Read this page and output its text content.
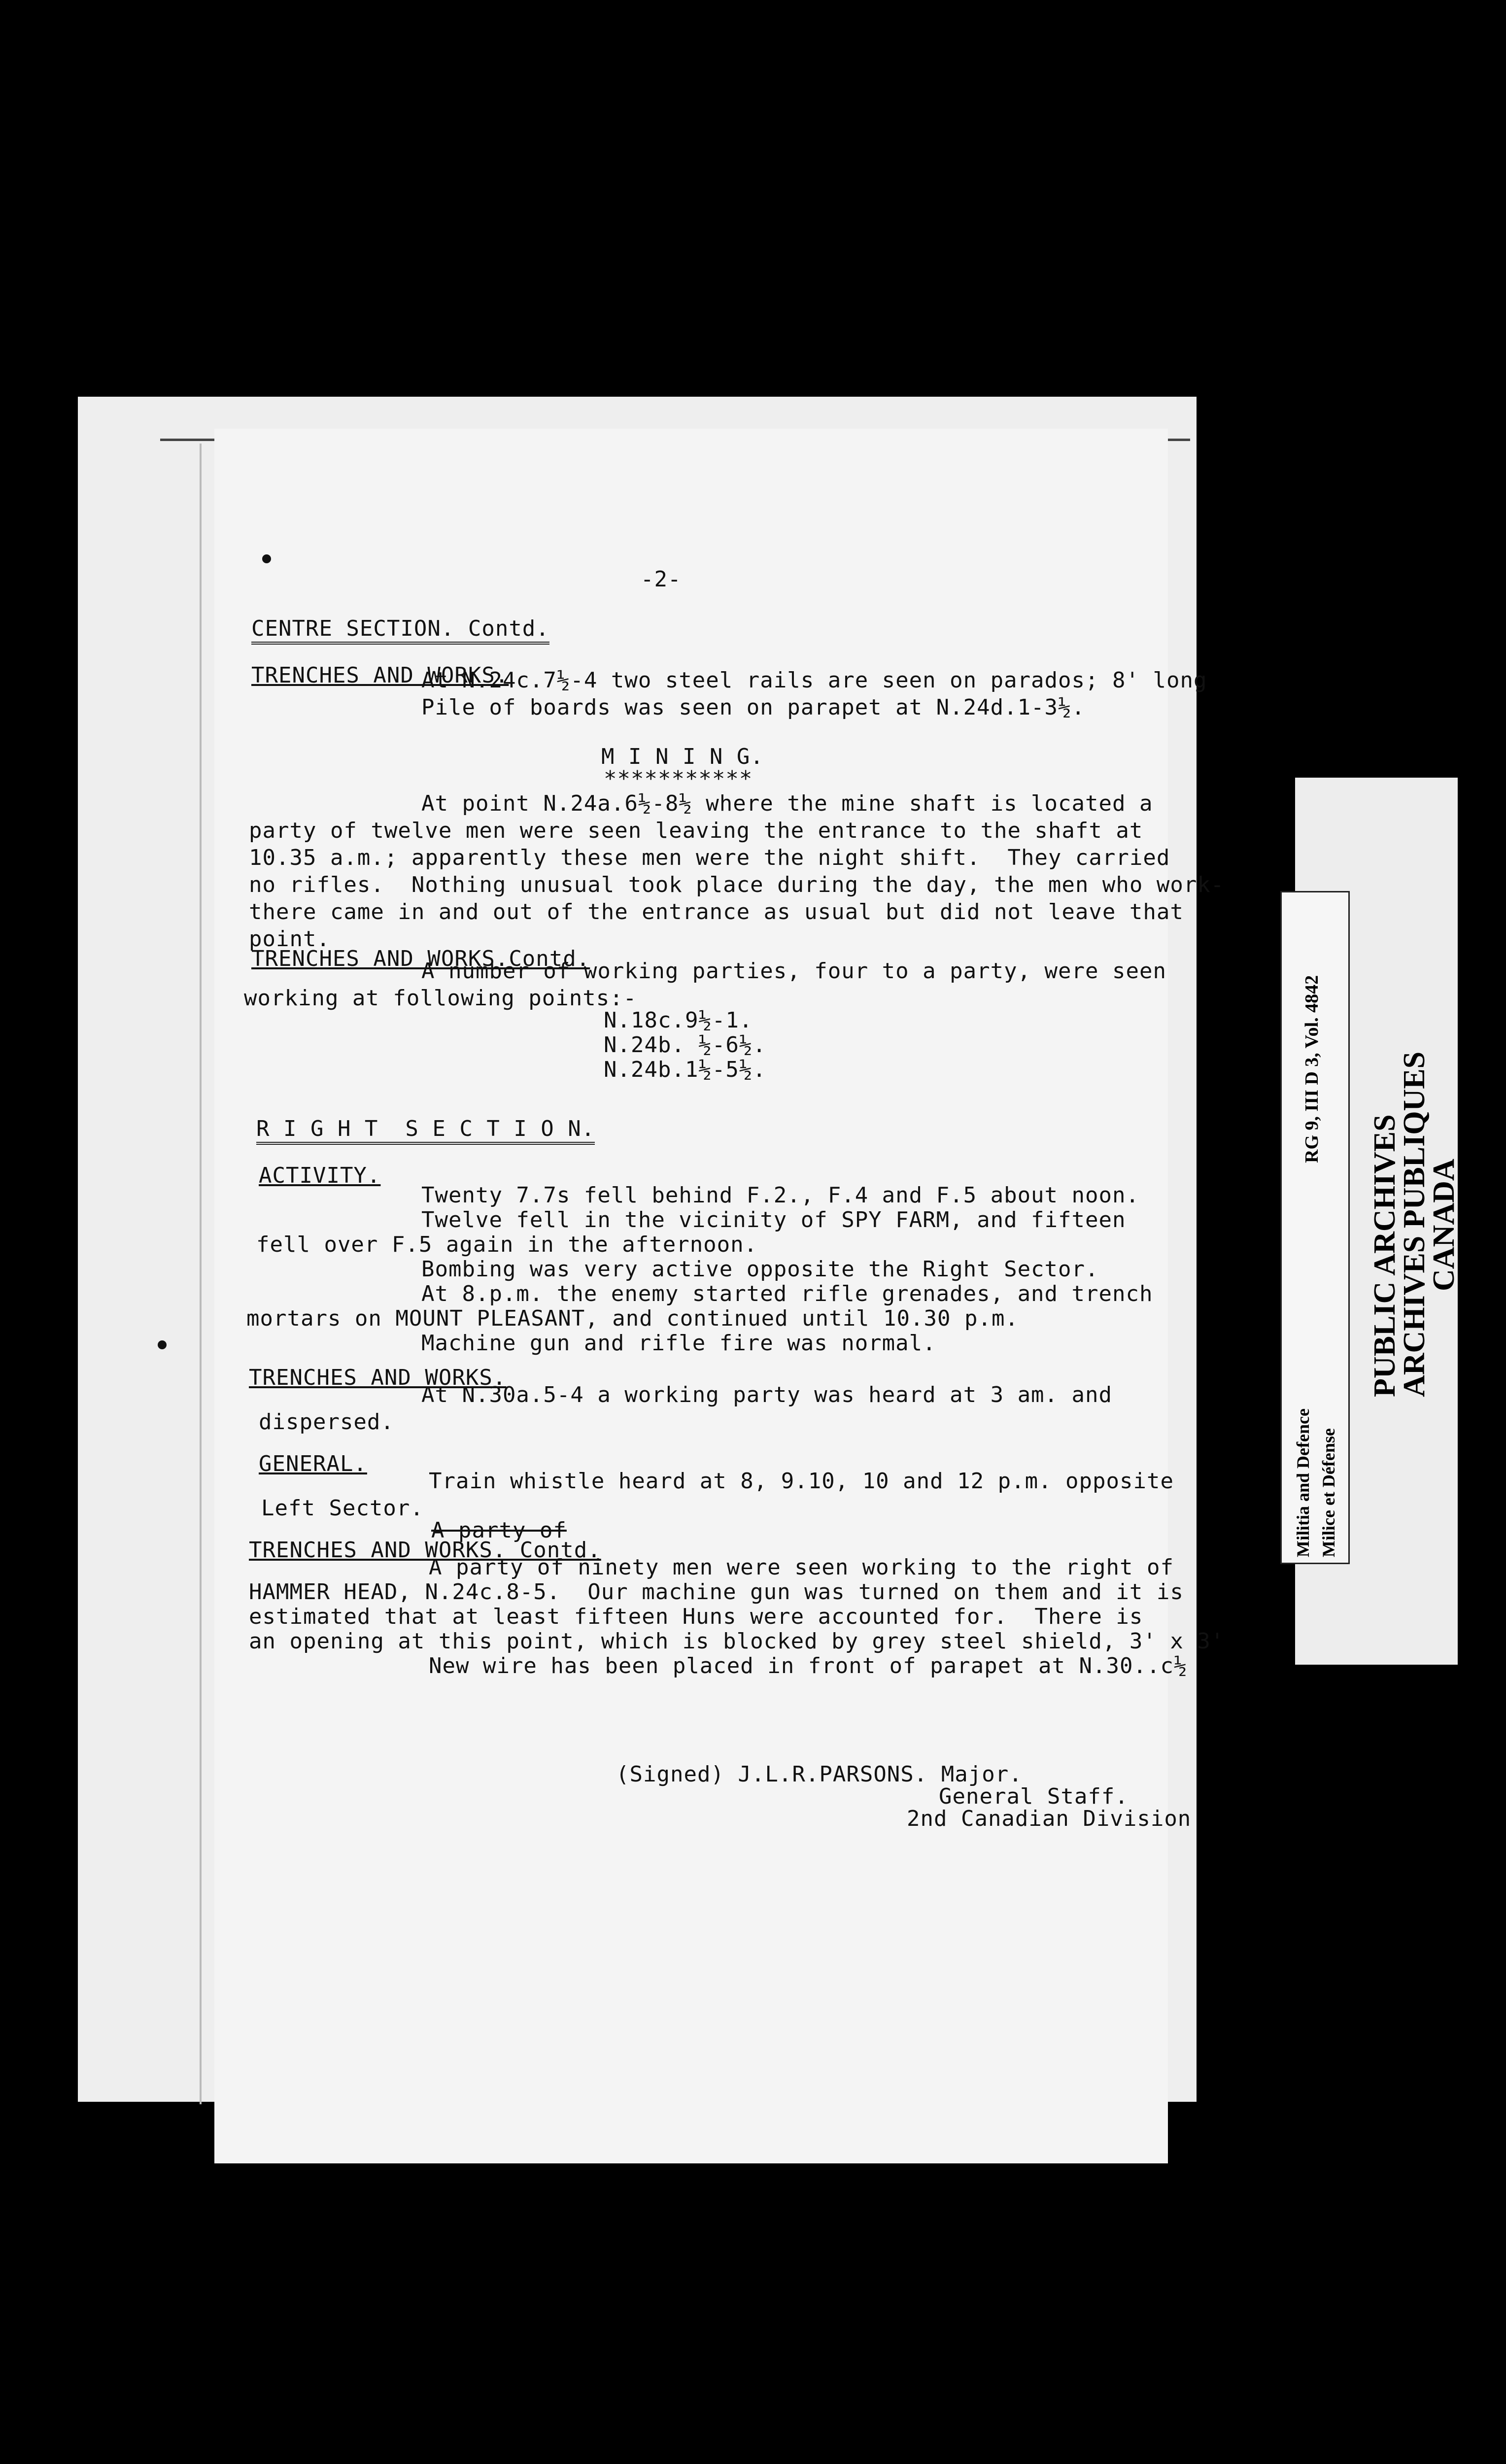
-2-
CENTRE SECTION. Contd.
TRENCHES AND WORKS.
At N.24c.7½-4 two steel rails are seen on parados; 8' long
Pile of boards was seen on parapet at N.24d.1-3½.
M I N I N G.
***********
At point N.24a.6½-8½ where the mine shaft is located a
party of twelve men were seen leaving the entrance to the shaft at
10.35 a.m.; apparently these men were the night shift.  They carried
no rifles.  Nothing unusual took place during the day, the men who work-
there came in and out of the entrance as usual but did not leave that
point.
TRENCHES AND WORKS.Contd.
A number of working parties, four to a party, were seen
working at following points:-
N.18c.9½-1.
N.24b. ½-6½.
N.24b.1½-5½.
R I G H T  S E C T I O N.
ACTIVITY.
Twenty 7.7s fell behind F.2., F.4 and F.5 about noon.
Twelve fell in the vicinity of SPY FARM, and fifteen
fell over F.5 again in the afternoon.
Bombing was very active opposite the Right Sector.
At 8.p.m. the enemy started rifle grenades, and trench
mortars on MOUNT PLEASANT, and continued until 10.30 p.m.
Machine gun and rifle fire was normal.
TRENCHES AND WORKS.
At N.30a.5-4 a working party was heard at 3 am. and
dispersed.
GENERAL.
Train whistle heard at 8, 9.10, 10 and 12 p.m. opposite
Left Sector.
A party of
TRENCHES AND WORKS. Contd.
A party of ninety men were seen working to the right of
HAMMER HEAD, N.24c.8-5.  Our machine gun was turned on them and it is
estimated that at least fifteen Huns were accounted for.  There is
an opening at this point, which is blocked by grey steel shield, 3' x 3'
New wire has been placed in front of parapet at N.30..c½
(Signed) J.L.R.PARSONS. Major.
General Staff.
2nd Canadian Division
Militia and Defence Milice et Défense
RG 9, III D 3, Vol. 4842
PUBLIC ARCHIVES
ARCHIVES PUBLIQUES
CANADA
